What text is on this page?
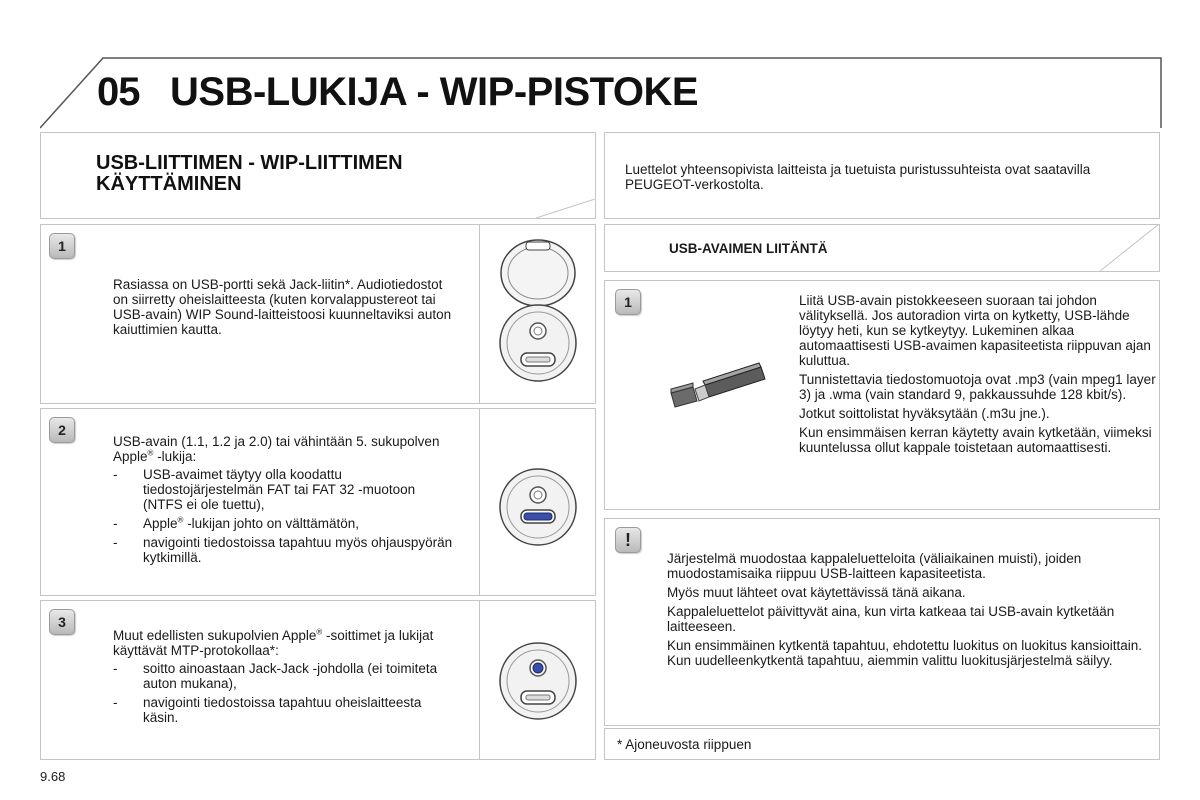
05 USB-LUKIJA - WIP-PISTOKE
USB-LIITTIMEN - WIP-LIITTIMEN
KÄYTTÄMINEN
Luettelot yhteensopivista laitteista ja tuetuista puristussuhteista ovat saatavilla PEUGEOT-verkostolta.
1
Rasiassa on USB-portti sekä Jack-liitin*. Audiotiedostot on siirretty oheislaitteesta (kuten korvalappustereot tai USB-avain) WIP Sound-laitteistoosi kuunneltaviksi auton kaiuttimien kautta.
2

USB-avain (1.1, 1.2 ja 2.0) tai vähintään 5. sukupolven Apple® -lukija:

- USB-avaimet täytyy olla koodattu tiedostojärjestelmän FAT tai FAT 32 -muotoon (NTFS ei ole tuettu),
- Apple® -lukijan johto on välttämätön,
- navigointi tiedostoissa tapahtuu myös ohjauspyörän kytkimillä.
3

Muut edellisten sukupolvien Apple® -soittimet ja lukijat käyttävät MTP-protokollaa*:

- soitto ainoastaan Jack-Jack -johdolla (ei toimiteta auton mukana),
- navigointi tiedostoissa tapahtuu oheislaitteesta käsin.
USB-AVAIMEN LIITÄNTÄ
1	Liitä USB-avain pistokkeeseen suoraan tai johdon välityksellä. Jos autoradion virta on kytketty, USB-lähde löytyy heti, kun se kytkeytyy. Lukeminen alkaa automaattisesti USB-avaimen kapasiteetista riippuvan ajan kuluttua.

Tunnistettavia tiedostomuotoja ovat .mp3 (vain mpeg1 layer 3) ja .wma (vain standard 9, pakkaussuhde 128 kbit/s).

Jotkut soittolistat hyväksytään (.m3u jne.).

Kun ensimmäisen kerran käytetty avain kytketään, viimeksi kuuntelussa ollut kappale toistetaan automaattisesti.

!

Järjestelmä muodostaa kappaleluetteloita (väliaikainen muisti), joiden muodostamisaika riippuu USB-laitteen kapasiteetista.

Myös muut lähteet ovat käytettävissä tänä aikana.

Kappaleluettelot päivittyvät aina, kun virta katkeaa tai USB-avain kytketään laitteeseen.

Kun ensimmäinen kytkentä tapahtuu, ehdotettu luokitus on luokitus kansioittain. Kun uudelleenkytkentä tapahtuu, aiemmin valittu luokitusjärjestelmä säilyy.

* Ajoneuvosta riippuen
9.68
